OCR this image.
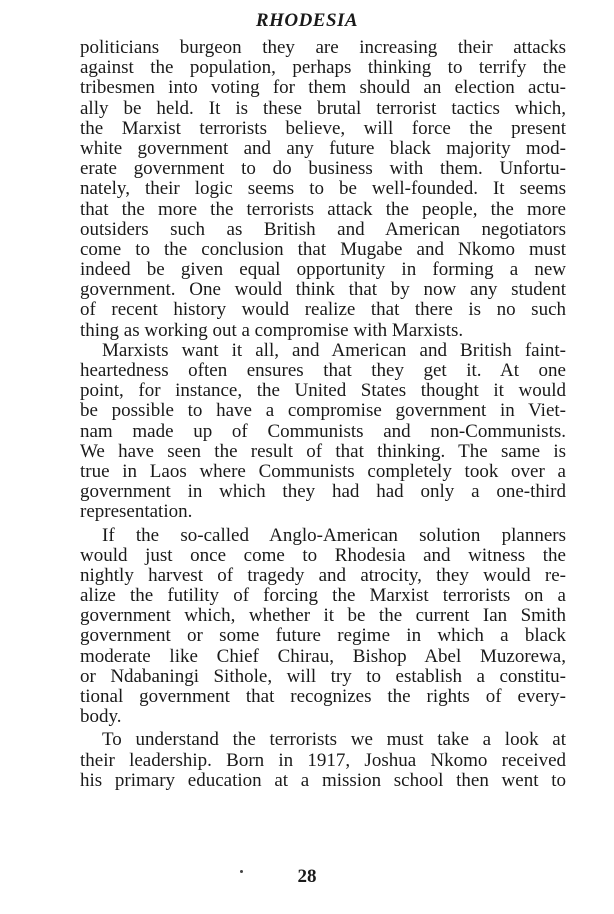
RHODESIA
politicians burgeon they are increasing their attacks
against the population, perhaps thinking to terrify the
tribesmen into voting for them should an election actu-
ally be held. It is these brutal terrorist tactics which,
the Marxist terrorists believe, will force the present
white government and any future black majority mod-
erate government to do business with them. Unfortu-
nately, their logic seems to be well-founded. It seems
that the more the terrorists attack the people, the more
outsiders such as British and American negotiators
come to the conclusion that Mugabe and Nkomo must
indeed be given equal opportunity in forming a new
government. One would think that by now any student
of recent history would realize that there is no such
thing as working out a compromise with Marxists.
Marxists want it all, and American and British faint-
heartedness often ensures that they get it. At one
point, for instance, the United States thought it would
be possible to have a compromise government in Viet-
nam made up of Communists and non-Communists.
We have seen the result of that thinking. The same is
true in Laos where Communists completely took over a
government in which they had had only a one-third
representation.
If the so-called Anglo-American solution planners
would just once come to Rhodesia and witness the
nightly harvest of tragedy and atrocity, they would re-
alize the futility of forcing the Marxist terrorists on a
government which, whether it be the current Ian Smith
government or some future regime in which a black
moderate like Chief Chirau, Bishop Abel Muzorewa,
or Ndabaningi Sithole, will try to establish a constitu-
tional government that recognizes the rights of every-
body.
To understand the terrorists we must take a look at
their leadership. Born in 1917, Joshua Nkomo received
his primary education at a mission school then went to
28
